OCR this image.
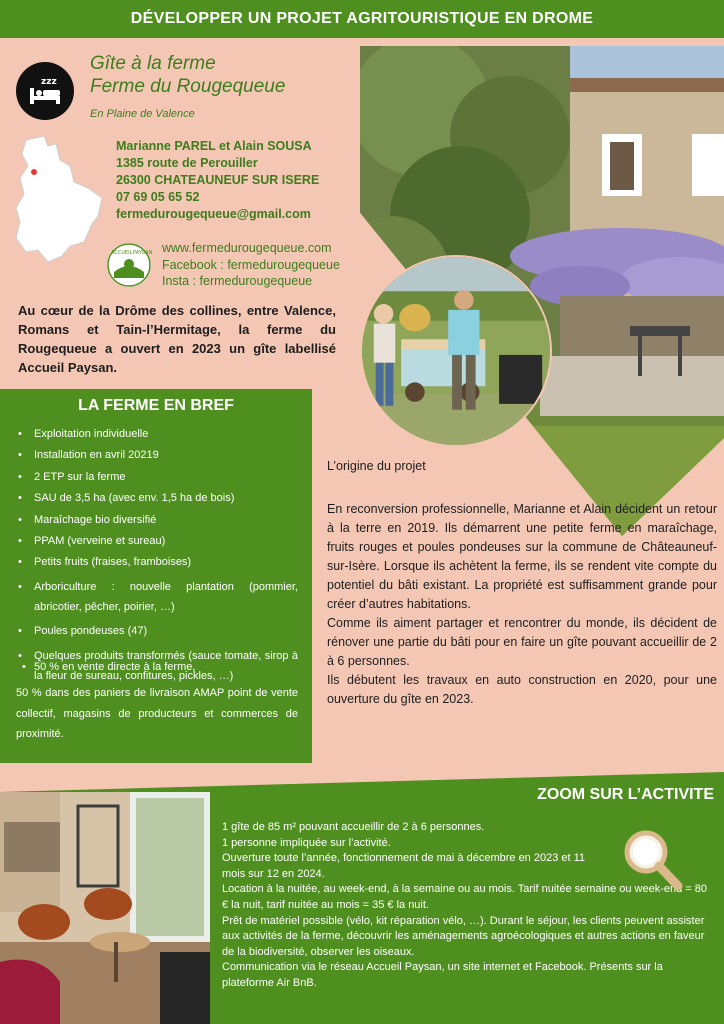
DÉVELOPPER UN PROJET AGRITOURISTIQUE EN DROME
zzz
Gîte à la ferme
Ferme du Rougequeue
En Plaine de Valence
Marianne PAREL et Alain SOUSA
1385 route de Perouiller
26300 CHATEAUNEUF SUR ISERE
07 69 05 65 52
fermedurougequeue@gmail.com
ACCUEIL PAYSAN www.fermedurougequeue.com
Facebook : fermedurougequeue
Insta : fermedurougequeue
Au cœur de la Drôme des collines, entre Valence, Romans et Tain-l’Hermitage, la ferme du Rougequeue a ouvert en 2023 un gîte labellisé Accueil Paysan.
LA FERME EN BREF
• Exploitation individuelle
• Installation en avril 20219
• 2 ETP sur la ferme
• SAU de 3,5 ha (avec env. 1,5 ha de bois)
• Maraîchage bio diversifié
• PPAM (verveine et sureau)
• Petits fruits (fraises, framboises)
• Arboriculture : nouvelle plantation (pommier, abricotier, pêcher, poirier, …)
• Poules pondeuses (47)
• Quelques produits transformés (sauce tomate, sirop à la fleur de sureau, confitures, pickles, …)
• 50 % en vente directe à la ferme,
50 % dans des paniers de livraison AMAP point de vente collectif, magasins de producteurs et commerces de proximité.
L’origine du projet
En reconversion professionnelle, Marianne et Alain décident un retour à la terre en 2019. Ils démarrent une petite ferme en maraîchage, fruits rouges et poules pondeuses sur la commune de Châteauneuf-sur-Isère. Lorsque ils achètent la ferme, ils se rendent vite compte du potentiel du bâti existant. La propriété est suffisamment grande pour créer d’autres habitations.
Comme ils aiment partager et rencontrer du monde, ils décident de rénover une partie du bâti pour en faire un gîte pouvant accueillir de 2 à 6 personnes.
Ils débutent les travaux en auto construction en 2020, pour une ouverture du gîte en 2023.
ZOOM SUR L’ACTIVITE

1 gîte de 85 m² pouvant accueillir de 2 à 6 personnes.

1 personne impliquée sur l’activité.

Ouverture toute l’année, fonctionnement de mai à décembre en 2023 et 11 mois sur 12 en 2024.

Location à la nuitée, au week-end, à la semaine ou au mois. Tarif nuitée semaine ou week-end = 80 € la nuit, tarif nuitée au mois = 35 € la nuit.

Prêt de matériel possible (vélo, kit réparation vélo, …). Durant le séjour, les clients peuvent assister aux activités de la ferme, découvrir les aménagements agroécologiques et autres actions en faveur de la biodiversité, observer les oiseaux.

Communication via le réseau Accueil Paysan, un site internet et Facebook. Présents sur la plateforme Air BnB.
